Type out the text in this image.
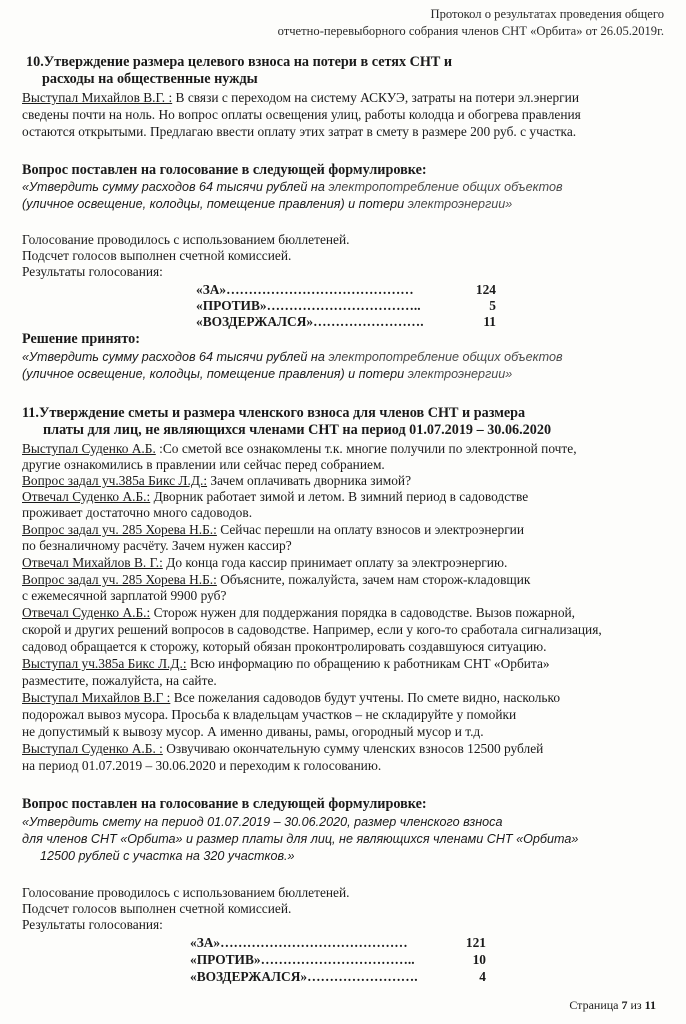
Протокол о результатах проведения общего
отчетно-перевыборного собрания членов СНТ «Орбита» от 26.05.2019г.
10.Утверждение размера целевого взноса на потери в сетях СНТ и
расходы на общественные нужды
Выступал Михайлов В.Г. : В связи с переходом на систему АСКУЭ, затраты на потери эл.энергии
сведены почти на ноль. Но вопрос оплаты освещения улиц, работы колодца и обогрева правления
остаются открытыми. Предлагаю ввести оплату этих затрат в смету в размере 200 руб. с участка.
Вопрос поставлен на голосование в следующей формулировке:
«Утвердить сумму расходов 64 тысячи рублей на электропотребление общих объектов
(уличное освещение, колодцы, помещение правления) и потери электроэнергии»
Голосование проводилось с использованием бюллетеней.
Подсчет голосов выполнен счетной комиссией.
Результаты голосования:
«ЗА»……………………………………	124
«ПРОТИВ»……………………………..	5
«ВОЗДЕРЖАЛСЯ»…………………….	11
Решение принято:
«Утвердить сумму расходов 64 тысячи рублей на электропотребление общих объектов
(уличное освещение, колодцы, помещение правления) и потери электроэнергии»
11.Утверждение сметы и размера членского взноса для членов СНТ и размера
платы для лиц, не являющихся членами СНТ на период 01.07.2019 – 30.06.2020
Выступал Суденко А.Б. :Со сметой все ознакомлены т.к. многие получили по электронной почте,
другие ознакомились в правлении или сейчас перед собранием.
Вопрос задал уч.385а Бикс Л.Д.: Зачем оплачивать дворника зимой?
Отвечал Суденко А.Б.: Дворник работает зимой и летом. В зимний период в садоводстве
проживает достаточно много садоводов.
Вопрос задал уч. 285 Хорева Н.Б.: Сейчас перешли на оплату взносов и электроэнергии
по безналичному расчёту. Зачем нужен кассир?
Отвечал Михайлов В. Г.: До конца года кассир принимает оплату за электроэнергию.
Вопрос задал уч. 285 Хорева Н.Б.: Объясните, пожалуйста, зачем нам сторож-кладовщик
с ежемесячной зарплатой 9900 руб?
Отвечал Суденко А.Б.: Сторож нужен для поддержания порядка в садоводстве. Вызов пожарной,
скорой и других решений вопросов в садоводстве. Например, если у кого-то сработала сигнализация,
садовод обращается к сторожу, который обязан проконтролировать создавшуюся ситуацию.
Выступал уч.385а Бикс Л.Д.: Всю информацию по обращению к работникам СНТ «Орбита»
разместите, пожалуйста, на сайте.
Выступал Михайлов В.Г : Все пожелания садоводов будут учтены. По смете видно, насколько
подорожал вывоз мусора. Просьба к владельцам участков – не складируйте у помойки
не допустимый к вывозу мусор. А именно диваны, рамы, огородный мусор и т.д.
Выступал Суденко А.Б. : Озвучиваю окончательную сумму членских взносов 12500 рублей
на период 01.07.2019 – 30.06.2020 и переходим к голосованию.
Вопрос поставлен на голосование в следующей формулировке:
«Утвердить смету на период 01.07.2019 – 30.06.2020, размер членского взноса
для членов СНТ «Орбита» и размер платы для лиц, не являющихся членами СНТ «Орбита»
12500 рублей с участка на 320 участков.»
Голосование проводилось с использованием бюллетеней.
Подсчет голосов выполнен счетной комиссией.
Результаты голосования:
«ЗА»……………………………………	121
«ПРОТИВ»……………………………..	10
«ВОЗДЕРЖАЛСЯ»…………………….	4
Страница 7 из 11
